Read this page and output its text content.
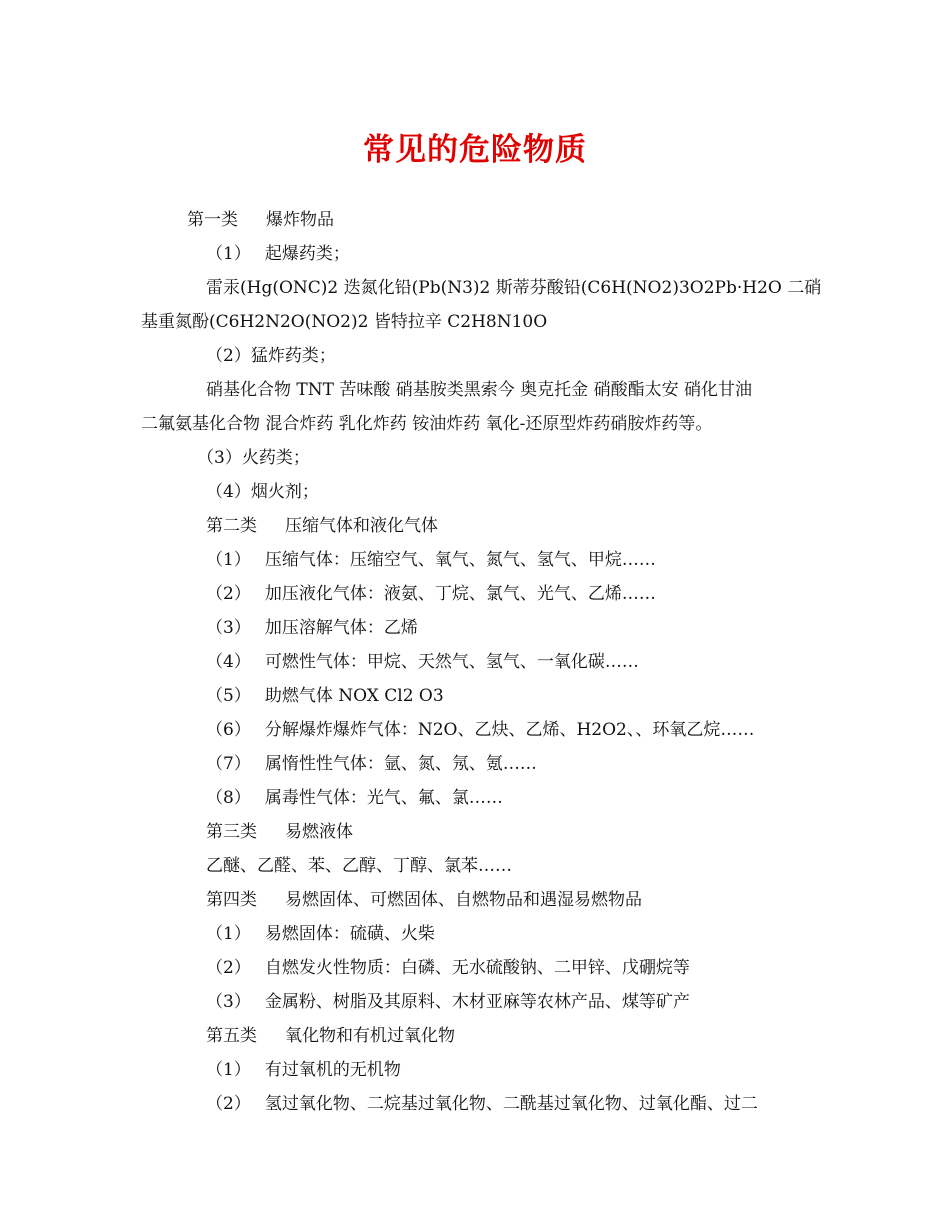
常见的危险物质
第一类 爆炸物品
（1） 起爆药类；
雷汞(Hg(ONC)2 迭氮化铅(Pb(N3)2 斯蒂芬酸铅(C6H(NO2)3O2Pb·H2O 二硝
基重氮酚(C6H2N2O(NO2)2 皆特拉辛 C2H8N10O
（2）猛炸药类；
硝基化合物 TNT 苦味酸 硝基胺类黑索今 奥克托金 硝酸酯太安 硝化甘油
二氟氨基化合物 混合炸药 乳化炸药 铵油炸药 氧化-还原型炸药硝胺炸药等。
（3）火药类；
（4）烟火剂；
第二类 压缩气体和液化气体
（1） 压缩气体：压缩空气、氧气、氮气、氢气、甲烷……
（2） 加压液化气体：液氨、丁烷、氯气、光气、乙烯……
（3） 加压溶解气体：乙烯
（4） 可燃性气体：甲烷、天然气、氢气、一氧化碳……
（5） 助燃气体 NOX Cl2 O3
（6） 分解爆炸爆炸气体：N2O、乙炔、乙烯、H2O2、、环氧乙烷……
（7） 属惰性性气体：氩、氮、氖、氪……
（8） 属毒性气体：光气、氟、氯……
第三类 易燃液体
乙醚、乙醛、苯、乙醇、丁醇、氯苯……
第四类 易燃固体、可燃固体、自燃物品和遇湿易燃物品
（1） 易燃固体：硫磺、火柴
（2） 自燃发火性物质：白磷、无水硫酸钠、二甲锌、戊硼烷等
（3） 金属粉、树脂及其原料、木材亚麻等农林产品、煤等矿产
第五类 氧化物和有机过氧化物
（1） 有过氧机的无机物
（2） 氢过氧化物、二烷基过氧化物、二酰基过氧化物、过氧化酯、过二
